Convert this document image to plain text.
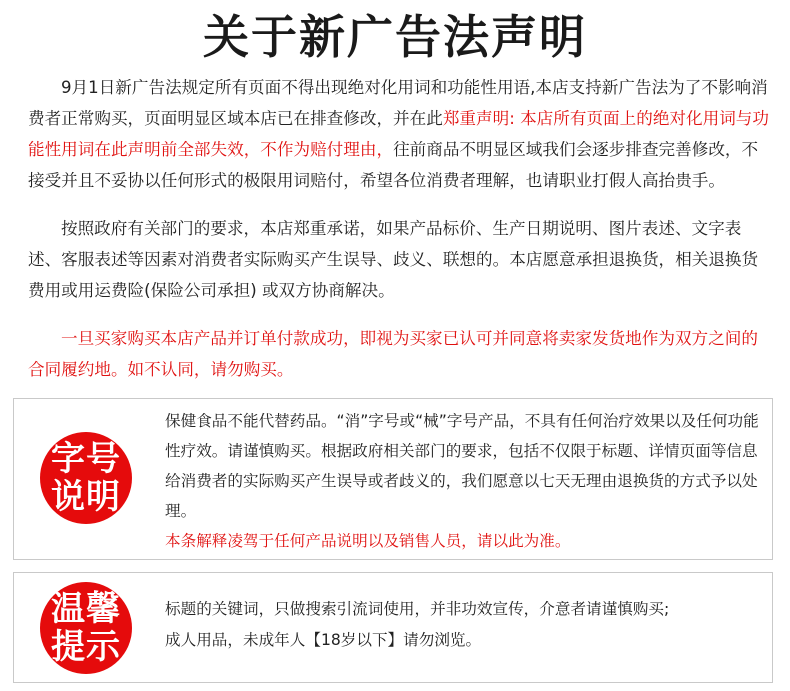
关于新广告法声明

9月1日新广告法规定所有页面不得出现绝对化用词和功能性用语,本店支持新广告法为了不影响消费者正常购买，页面明显区域本店已在排查修改，并在此郑重声明: 本店所有页面上的绝对化用词与功能性用词在此声明前全部失效，不作为赔付理由，往前商品不明显区域我们会逐步排查完善修改，不接受并且不妥协以任何形式的极限用词赔付，希望各位消费者理解，也请职业打假人高抬贵手。

按照政府有关部门的要求，本店郑重承诺，如果产品标价、生产日期说明、图片表述、文字表述、客服表述等因素对消费者实际购买产生误导、歧义、联想的。本店愿意承担退换货，相关退换货费用或用运费险(保险公司承担) 或双方协商解决。

一旦买家购买本店产品并订单付款成功，即视为买家已认可并同意将卖家发货地作为双方之间的合同履约地。如不认同，请勿购买。

字号说明

保健食品不能代替药品。“消”字号或“械”字号产品，不具有任何治疗效果以及任何功能性疗效。请谨慎购买。根据政府相关部门的要求，包括不仅限于标题、详情页面等信息给消费者的实际购买产生误导或者歧义的，我们愿意以七天无理由退换货的方式予以处理。

本条解释凌驾于任何产品说明以及销售人员，请以此为准。

温馨提示

标题的关键词，只做搜索引流词使用，并非功效宣传，介意者请谨慎购买;

成人用品，未成年人【18岁以下】请勿浏览。
